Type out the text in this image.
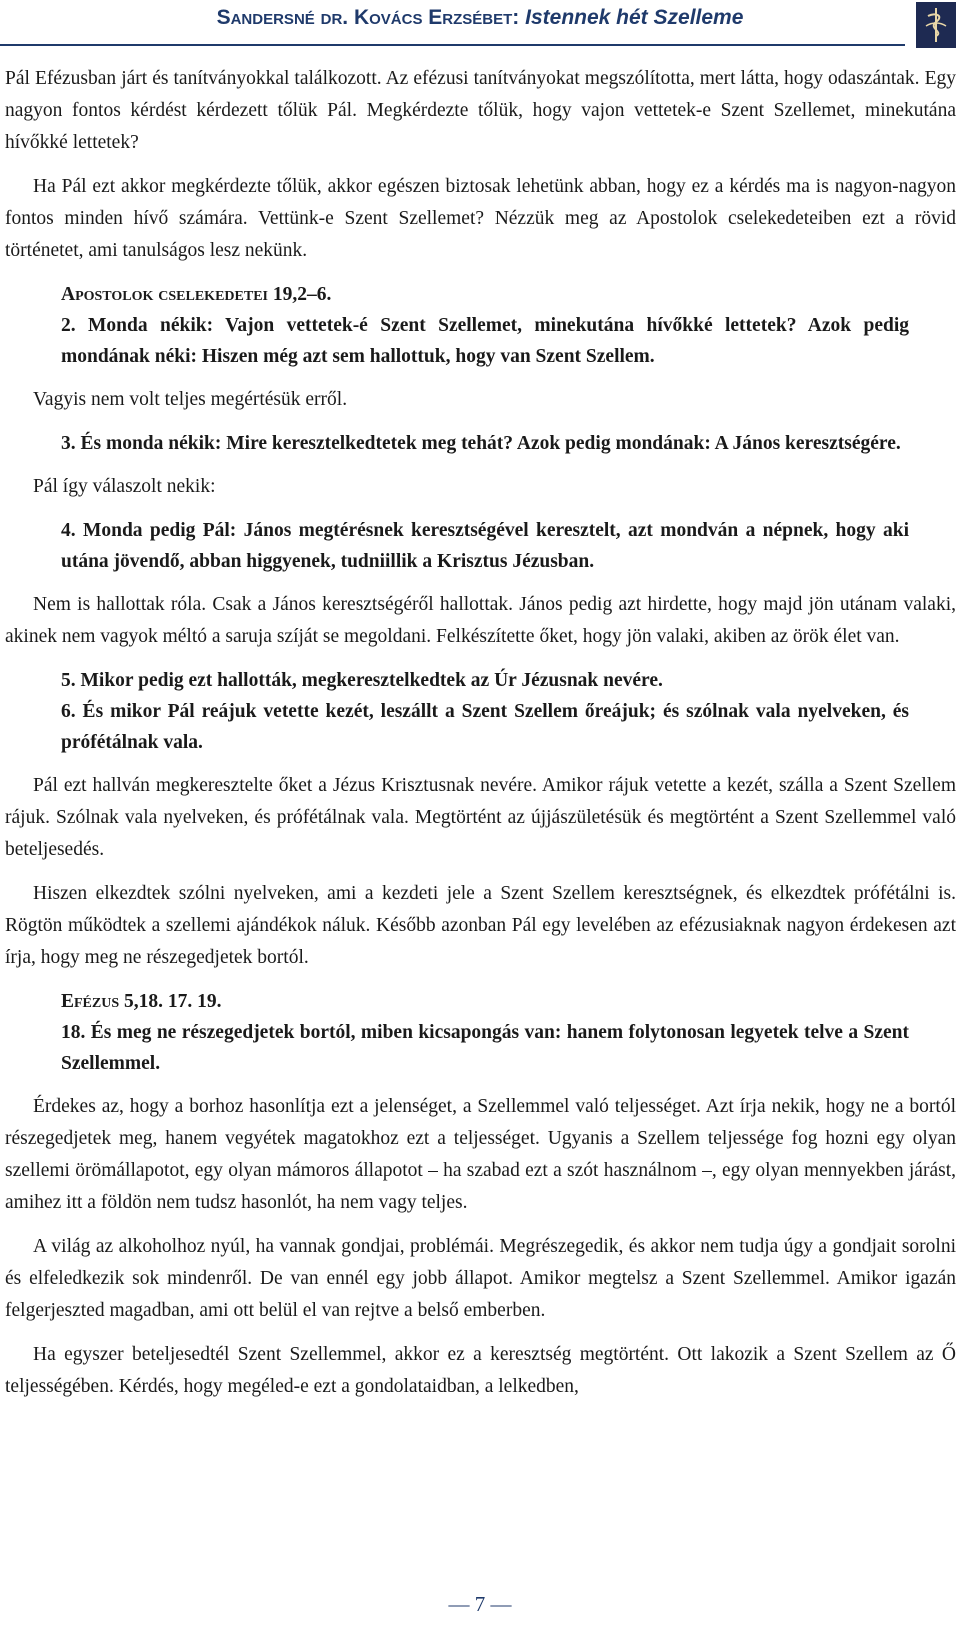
Sandersné dr. Kovács Erzsébet: Istennek hét Szelleme

Pál Efézusban járt és tanítványokkal találkozott. Az efézusi tanítványokat megszólította, mert látta, hogy odaszántak. Egy nagyon fontos kérdést kérdezett tőlük Pál. Megkérdezte tőlük, hogy vajon vettetek-e Szent Szellemet, minekutána hívőkké lettetek?

Ha Pál ezt akkor megkérdezte tőlük, akkor egészen biztosak lehetünk abban, hogy ez a kérdés ma is nagyon-nagyon fontos minden hívő számára. Vettünk-e Szent Szellemet? Nézzük meg az Apostolok cselekedeteiben ezt a rövid történetet, ami tanulságos lesz nekünk.

Apostolok cselekedetei 19,2–6.

2. Monda nékik: Vajon vettetek-é Szent Szellemet, minekutána hívőkké lettetek? Azok pedig mondának néki: Hiszen még azt sem hallottuk, hogy van Szent Szellem.

Vagyis nem volt teljes megértésük erről.

3. És monda nékik: Mire keresztelkedtetek meg tehát? Azok pedig mondának: A János keresztségére.

Pál így válaszolt nekik:

4. Monda pedig Pál: János megtérésnek keresztségével keresztelt, azt mondván a népnek, hogy aki utána jövendő, abban higgyenek, tudniillik a Krisztus Jézusban.

Nem is hallottak róla. Csak a János keresztségéről hallottak. János pedig azt hirdette, hogy majd jön utánam valaki, akinek nem vagyok méltó a saruja szíját se megoldani. Felkészítette őket, hogy jön valaki, akiben az örök élet van.

5. Mikor pedig ezt hallották, megkeresztelkedtek az Úr Jézusnak nevére.

6. És mikor Pál reájuk vetette kezét, leszállt a Szent Szellem őreájuk; és szólnak vala nyelveken, és prófétálnak vala.

Pál ezt hallván megkeresztelte őket a Jézus Krisztusnak nevére. Amikor rájuk vetette a kezét, szálla a Szent Szellem rájuk. Szólnak vala nyelveken, és prófétálnak vala. Megtörtént az újjászületésük és megtörtént a Szent Szellemmel való beteljesedés.

Hiszen elkezdtek szólni nyelveken, ami a kezdeti jele a Szent Szellem keresztségnek, és elkezdtek prófétálni is. Rögtön működtek a szellemi ajándékok náluk. Később azonban Pál egy levelében az efézusiaknak nagyon érdekesen azt írja, hogy meg ne részegedjetek bortól.

Efézus 5,18. 17. 19.

18. És meg ne részegedjetek bortól, miben kicsapongás van: hanem folytonosan legyetek telve a Szent Szellemmel.

Érdekes az, hogy a borhoz hasonlítja ezt a jelenséget, a Szellemmel való teljességet. Azt írja nekik, hogy ne a bortól részegedjetek meg, hanem vegyétek magatokhoz ezt a teljességet. Ugyanis a Szellem teljessége fog hozni egy olyan szellemi örömállapotot, egy olyan mámoros állapotot – ha szabad ezt a szót használnom –, egy olyan mennyekben járást, amihez itt a földön nem tudsz hasonlót, ha nem vagy teljes.

A világ az alkoholhoz nyúl, ha vannak gondjai, problémái. Megrészegedik, és akkor nem tudja úgy a gondjait sorolni és elfeledkezik sok mindenről. De van ennél egy jobb állapot. Amikor megtelsz a Szent Szellemmel. Amikor igazán felgerjeszted magadban, ami ott belül el van rejtve a belső emberben.

Ha egyszer beteljesedtél Szent Szellemmel, akkor ez a keresztség megtörtént. Ott lakozik a Szent Szellem az Ő teljességében. Kérdés, hogy megéled-e ezt a gondolataidban, a lelkedben,

— 7 —
